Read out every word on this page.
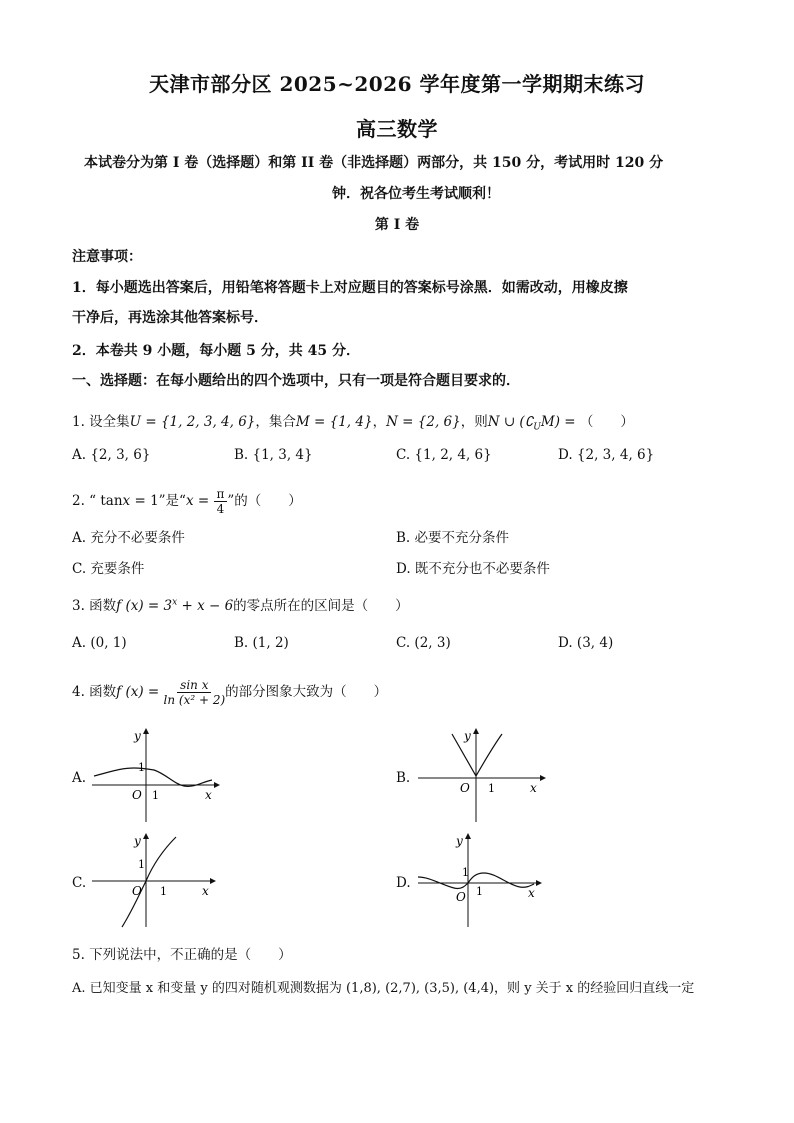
天津市部分区 2025~2026 学年度第一学期期末练习
高三数学
本试卷分为第 I 卷（选择题）和第 II 卷（非选择题）两部分，共 150 分，考试用时 120 分
钟．祝各位考生考试顺利！
第 I 卷
注意事项：
1．每小题选出答案后，用铅笔将答题卡上对应题目的答案标号涂黑．如需改动，用橡皮擦
干净后，再选涂其他答案标号．
2．本卷共 9 小题，每小题 5 分，共 45 分．
一、选择题：在每小题给出的四个选项中，只有一项是符合题目要求的．
1. 设全集U = {1, 2, 3, 4, 6}，集合M = {1, 4}，N = {2, 6}，则N ∪ $(∁_UM)$ = （　　）
A. {2, 3, 6}	B. {1, 3, 4}	C. {1, 2, 4, 6}	D. {2, 3, 4, 6}
2. “ tanx = 1”是“$x = \frac{\pi}{4}$ ”的（　　）
A. 充分不必要条件	B. 必要不充分条件
C. 充要条件	D. 既不充分也不必要条件
3. 函数f $(x) = 3^x + x - 6$的零点所在的区间是（　　）
A. (0, 1)	B. (1, 2)	C. (2, 3)	D. (3, 4)
4. 函数f $(x) = \frac{\text{sin x}}{\text{ln (x² + 2)}}$ 的部分图象大致为（　　）
A.
y
x
O
1
1
B.
y
x
O 1
C.
y
x
O
1
1
D.
y
x
O
1
1
5. 下列说法中，不正确的是（　　）
A. 已知变量 x 和变量 y 的四对随机观测数据为 (1,8), (2,7), (3,5), (4,4)，则 y 关于 x 的经验回归直线一定
